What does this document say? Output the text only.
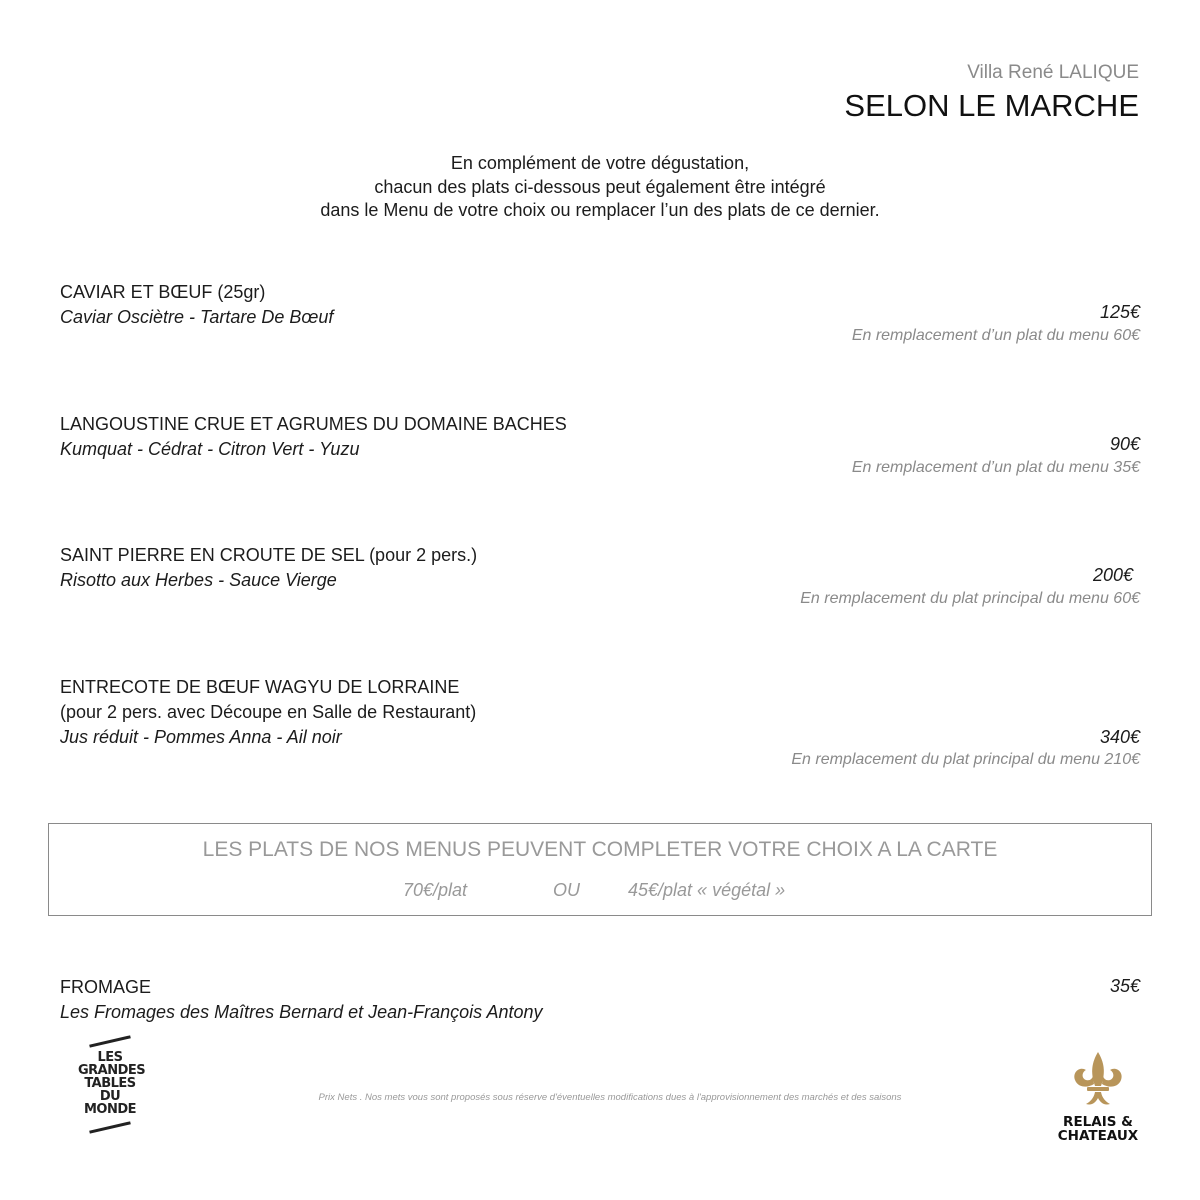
Villa René LALIQUE
SELON LE MARCHE
En complément de votre dégustation,
chacun des plats ci-dessous peut également être intégré
dans le Menu de votre choix ou remplacer l’un des plats de ce dernier.
CAVIAR ET BŒUF (25gr)
Caviar Osciètre - Tartare De Bœuf	125€
En remplacement d’un plat du menu 60€
LANGOUSTINE CRUE ET AGRUMES DU DOMAINE BACHES
Kumquat - Cédrat - Citron Vert - Yuzu	90€
En remplacement d’un plat du menu 35€
SAINT PIERRE EN CROUTE DE SEL (pour 2 pers.)
Risotto aux Herbes - Sauce Vierge	200€
En remplacement du plat principal du menu 60€
ENTRECOTE DE BŒUF WAGYU DE LORRAINE
(pour 2 pers. avec Découpe en Salle de Restaurant)
Jus réduit - Pommes Anna - Ail noir	340€
En remplacement du plat principal du menu 210€
LES PLATS DE NOS MENUS PEUVENT COMPLETER VOTRE CHOIX A LA CARTE
70€/plat	OU	45€/plat « végétal »
FROMAGE
Les Fromages des Maîtres Bernard et Jean-François Antony
35€
LES
GRANDES
TABLES
DU
MONDE
Prix Nets . Nos mets vous sont proposés sous réserve d'éventuelles modifications dues à l'approvisionnement des marchés et des saisons
RELAIS &
CHATEAUX
